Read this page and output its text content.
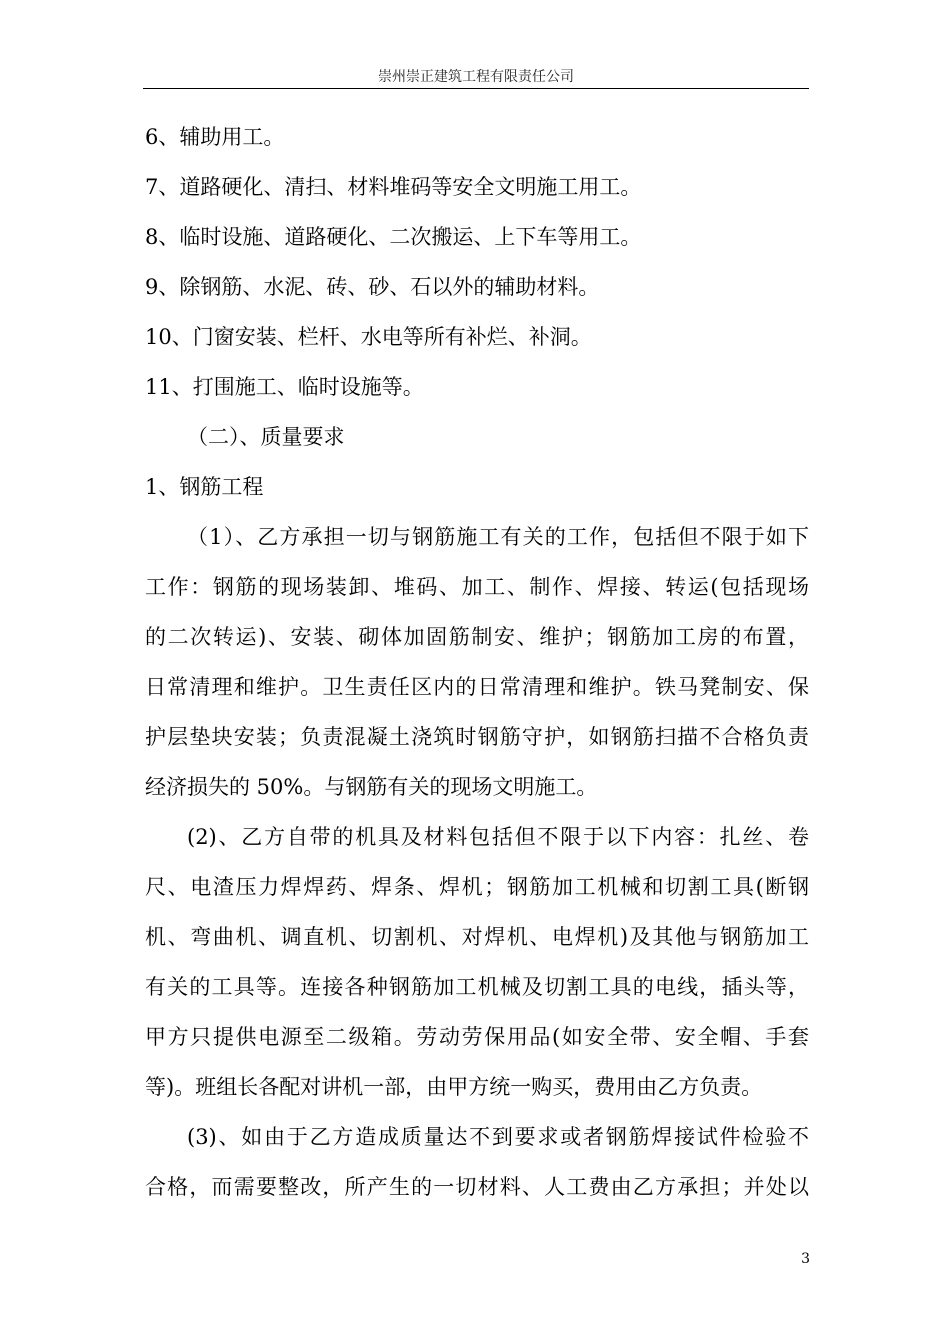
崇州崇正建筑工程有限责任公司
6、辅助用工。
7、道路硬化、清扫、材料堆码等安全文明施工用工。
8、临时设施、道路硬化、二次搬运、上下车等用工。
9、除钢筋、水泥、砖、砂、石以外的辅助材料。
10、门窗安装、栏杆、水电等所有补烂、补洞。
11、打围施工、临时设施等。
（二）、质量要求
1、钢筋工程
（1）、乙方承担一切与钢筋施工有关的工作，包括但不限于如下
工作：钢筋的现场装卸、堆码、加工、制作、焊接、转运(包括现场
的二次转运)、安装、砌体加固筋制安、维护；钢筋加工房的布置，
日常清理和维护。卫生责任区内的日常清理和维护。铁马凳制安、保
护层垫块安装；负责混凝土浇筑时钢筋守护，如钢筋扫描不合格负责
经济损失的 50%。与钢筋有关的现场文明施工。
(2)、乙方自带的机具及材料包括但不限于以下内容：扎丝、卷
尺、电渣压力焊焊药、焊条、焊机；钢筋加工机械和切割工具(断钢
机、弯曲机、调直机、切割机、对焊机、电焊机)及其他与钢筋加工
有关的工具等。连接各种钢筋加工机械及切割工具的电线，插头等，
甲方只提供电源至二级箱。劳动劳保用品(如安全带、安全帽、手套
等)。班组长各配对讲机一部，由甲方统一购买，费用由乙方负责。
(3)、如由于乙方造成质量达不到要求或者钢筋焊接试件检验不
合格，而需要整改，所产生的一切材料、人工费由乙方承担；并处以
3
